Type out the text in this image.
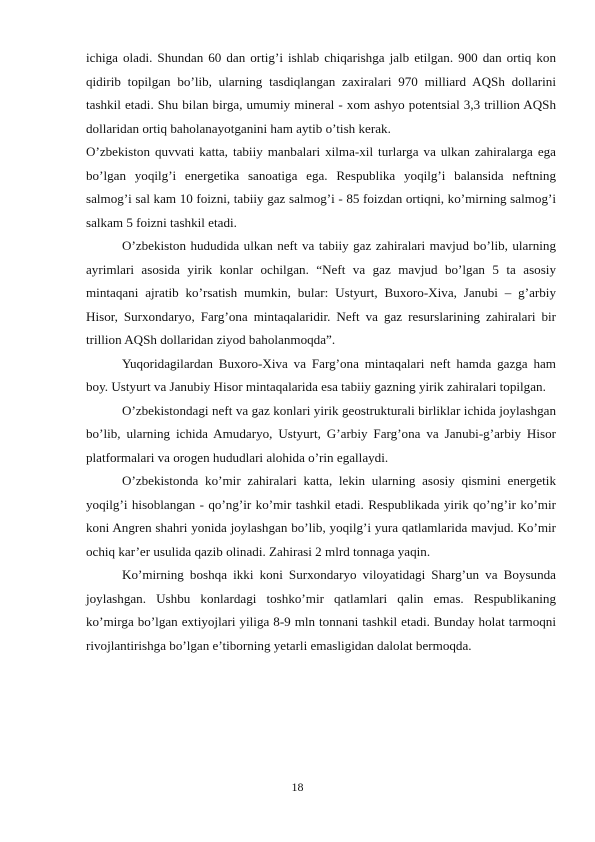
ichiga oladi. Shundan 60 dan ortig’i ishlab chiqarishga jalb etilgan. 900 dan ortiq kon qidirib topilgan bo’lib, ularning tasdiqlangan zaxiralari 970 milliard AQSh dollarini tashkil etadi. Shu bilan birga, umumiy mineral - xom ashyo potentsial 3,3 trillion AQSh dollaridan ortiq baholanayotganini ham aytib o’tish kerak.

O’zbekiston quvvati katta, tabiiy manbalari xilma-xil turlarga va ulkan zahiralarga ega bo’lgan yoqilg’i energetika sanoatiga ega. Respublika yoqilg’i balansida neftning salmog’i sal kam 10 foizni, tabiiy gaz salmog’i - 85 foizdan ortiqni, ko’mirning salmog’i salkam 5 foizni tashkil etadi.

O’zbekiston hududida ulkan neft va tabiiy gaz zahiralari mavjud bo’lib, ularning ayrimlari asosida yirik konlar ochilgan. “Neft va gaz mavjud bo’lgan 5 ta asosiy mintaqani ajratib ko’rsatish mumkin, bular: Ustyurt, Buxoro-Xiva, Janubi – g’arbiy Hisor, Surxondaryo, Farg’ona mintaqalaridir. Neft va gaz resurslarining zahiralari bir trillion AQSh dollaridan ziyod baholanmoqda”.

Yuqoridagilardan Buxoro-Xiva va Farg’ona mintaqalari neft hamda gazga ham boy. Ustyurt va Janubiy Hisor mintaqalarida esa tabiiy gazning yirik zahiralari topilgan.

O’zbekistondagi neft va gaz konlari yirik geostrukturali birliklar ichida joylashgan bo’lib, ularning ichida Amudaryo, Ustyurt, G’arbiy Farg’ona va Janubi-g’arbiy Hisor platformalari va orogen hududlari alohida o’rin egallaydi.

O’zbekistonda ko’mir zahiralari katta, lekin ularning asosiy qismini energetik yoqilg’i hisoblangan - qo’ng’ir ko’mir tashkil etadi. Respublikada yirik qo’ng’ir ko’mir koni Angren shahri yonida joylashgan bo’lib, yoqilg’i yura qatlamlarida mavjud. Ko’mir ochiq kar’er usulida qazib olinadi. Zahirasi 2 mlrd tonnaga yaqin.

Ko’mirning boshqa ikki koni Surxondaryo viloyatidagi Sharg’un va Boysunda joylashgan. Ushbu konlardagi toshko’mir qatlamlari qalin emas. Respublikaning ko’mirga bo’lgan extiyojlari yiliga 8-9 mln tonnani tashkil etadi. Bunday holat tarmoqni rivojlantirishga bo’lgan e’tiborning yetarli emasligidan dalolat bermoqda.

18
